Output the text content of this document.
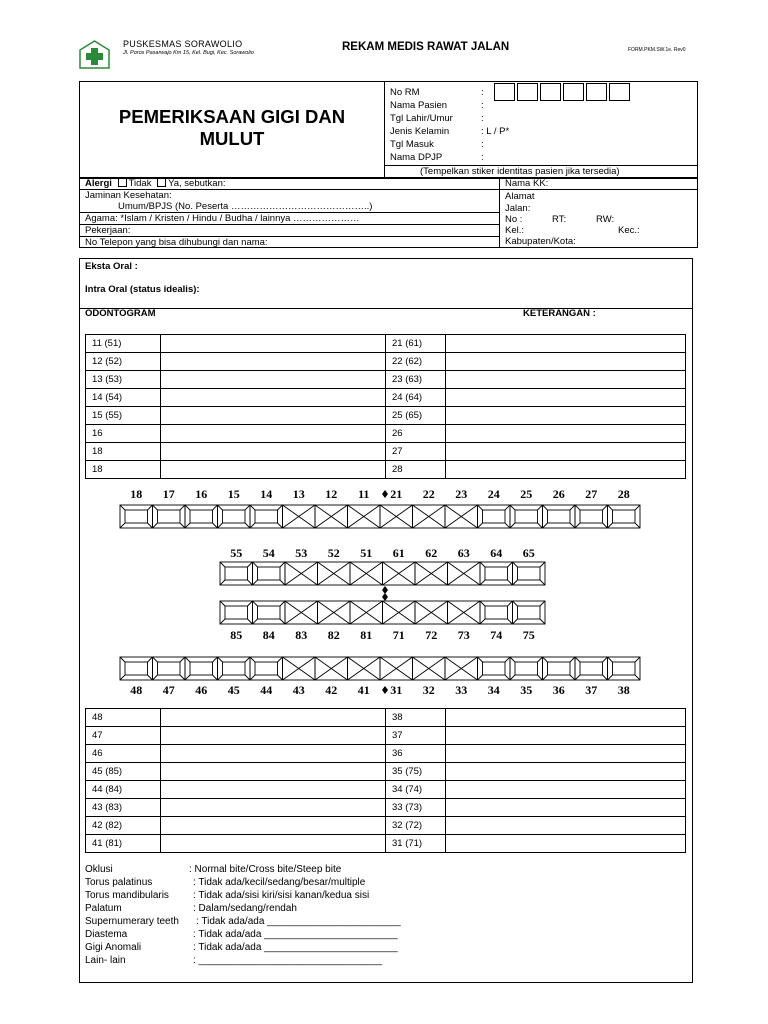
PUSKESMAS SORAWOLIO
Jl. Poros Pasarwajo Km 15, Kel. Bugi, Kec. Sorawolio	REKAM MEDIS RAWAT JALAN	FORM.PKM.SW.1e. Rev0
PEMERIKSAAN GIGI DAN
MULUT
No RM	:
Nama Pasien	:
Tgl Lahir/Umur	:
Jenis Kelamin	: L / P*
Tgl Masuk	:
Nama DPJP	:
(Tempelkan stiker identitas pasien jika tersedia)
Alergi Tidak Ya, sebutkan:
Jaminan Kesehatan:
Umum/BPJS (No. Peserta ……………………………………..)
Agama: *Islam / Kristen / Hindu / Budha / lainnya …………………
Pekerjaan:
No Telepon yang bisa dihubungi dan nama:
Nama KK:
Alamat
Jalan:
No :	RT:	RW:
Kel.:	Kec.:
Kabupaten/Kota:
Eksta Oral :
Intra Oral (status idealis):
ODONTOGRAM	KETERANGAN :
11 (51)		21 (61)	
12 (52)		22 (62)	
13 (53)		23 (63)	
14 (54)		24 (64)	
15 (55)		25 (65)	
16		26	
18		27	
18		28	
18 17 16 15 14 13 12 11 21 22 23 24 25 26 27 28
55 54 53 52 51 61 62 63 64 65
85 84 83 82 81 71 72 73 74 75
48 47 46 45 44 43 42 41 31 32 33 34 35 36 37 38
48		38	
47		37	
46		36	
45 (85)		35 (75)	
44 (84)		34 (74)	
43 (83)		33 (73)	
42 (82)		32 (72)	
41 (81)		31 (71)	
Oklusi	: Normal bite/Cross bite/Steep bite
Torus palatinus	: Tidak ada/kecil/sedang/besar/multiple
Torus mandibularis : Tidak ada/sisi kiri/sisi kanan/kedua sisi
Palatum	: Dalam/sedang/rendah
Supernumerary teeth : Tidak ada/ada ________________________
Diastema	: Tidak ada/ada ________________________
Gigi Anomali	: Tidak ada/ada ________________________
Lain- lain	: _________________________________
